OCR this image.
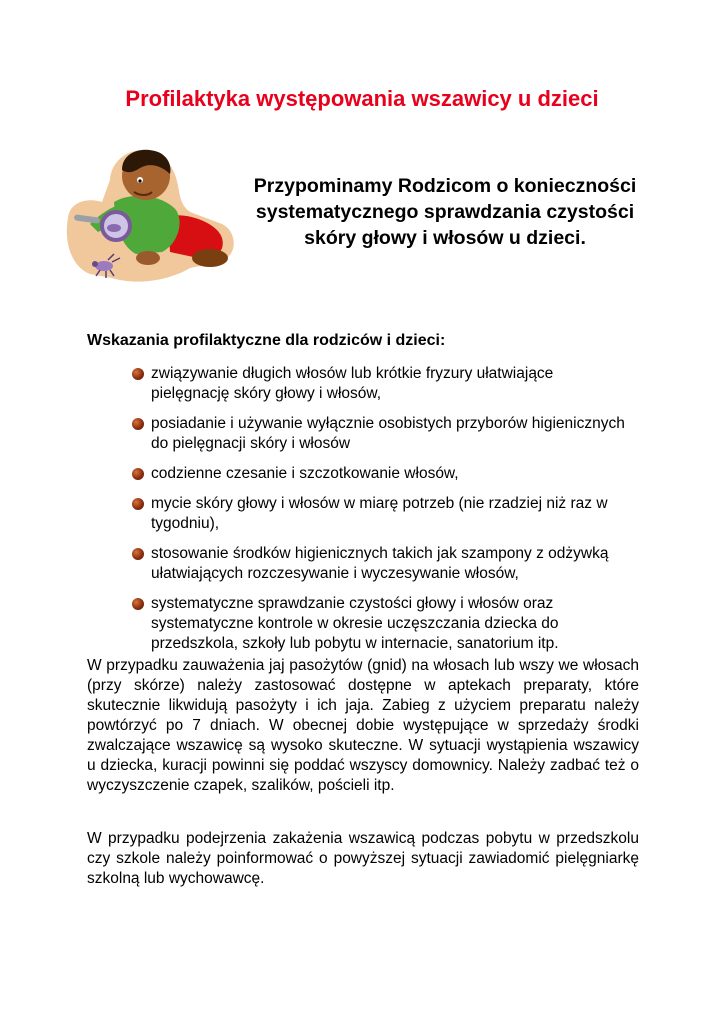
Profilaktyka występowania wszawicy u dzieci
Przypominamy Rodzicom o konieczności systematycznego sprawdzania czystości skóry głowy i włosów u dzieci.
Wskazania profilaktyczne dla rodziców i dzieci:
związywanie długich włosów lub krótkie fryzury ułatwiające pielęgnację skóry głowy i włosów,
posiadanie i używanie wyłącznie osobistych przyborów higienicznych do pielęgnacji skóry i włosów
codzienne czesanie i szczotkowanie włosów,
mycie skóry głowy i włosów w miarę potrzeb (nie rzadziej niż raz w tygodniu),
stosowanie środków higienicznych takich jak szampony z odżywką ułatwiających rozczesywanie i wyczesywanie włosów,
systematyczne sprawdzanie czystości głowy i włosów oraz systematyczne kontrole w okresie uczęszczania dziecka do przedszkola, szkoły lub pobytu w internacie, sanatorium itp.

W przypadku zauważenia jaj pasożytów (gnid) na włosach lub wszy we włosach (przy skórze) należy zastosować dostępne w aptekach preparaty, które skutecznie likwidują pasożyty i ich jaja. Zabieg z użyciem preparatu należy powtórzyć po 7 dniach. W obecnej dobie występujące w sprzedaży środki zwalczające wszawicę są wysoko skuteczne. W sytuacji wystąpienia wszawicy u dziecka, kuracji powinni się poddać wszyscy domownicy. Należy zadbać też o wyczyszczenie czapek, szalików, pościeli itp.

W przypadku podejrzenia zakażenia wszawicą podczas pobytu w przedszkolu czy szkole należy poinformować o powyższej sytuacji zawiadomić pielęgniarkę szkolną lub wychowawcę.
